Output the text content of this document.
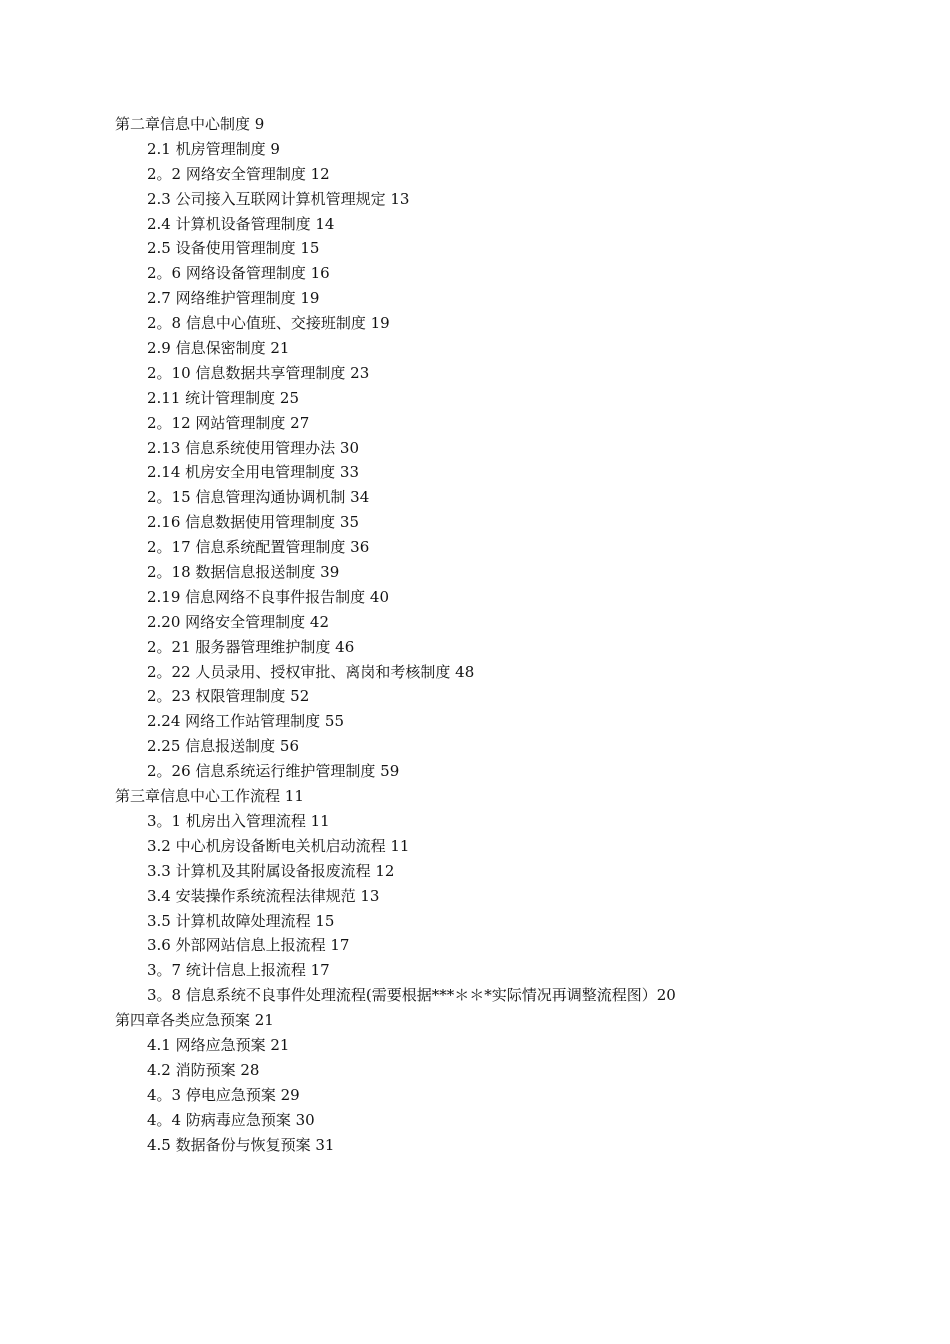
第二章信息中心制度 9
2.1 机房管理制度 9
2。2 网络安全管理制度 12
2.3 公司接入互联网计算机管理规定 13
2.4 计算机设备管理制度 14
2.5 设备使用管理制度 15
2。6 网络设备管理制度 16
2.7 网络维护管理制度 19
2。8 信息中心值班、交接班制度 19
2.9 信息保密制度 21
2。10 信息数据共享管理制度 23
2.11 统计管理制度 25
2。12 网站管理制度 27
2.13 信息系统使用管理办法 30
2.14 机房安全用电管理制度 33
2。15 信息管理沟通协调机制 34
2.16 信息数据使用管理制度 35
2。17 信息系统配置管理制度 36
2。18 数据信息报送制度 39
2.19 信息网络不良事件报告制度 40
2.20 网络安全管理制度 42
2。21 服务器管理维护制度 46
2。22 人员录用、授权审批、离岗和考核制度 48
2。23 权限管理制度 52
2.24 网络工作站管理制度 55
2.25 信息报送制度 56
2。26 信息系统运行维护管理制度 59
第三章信息中心工作流程 11
3。1 机房出入管理流程 11
3.2 中心机房设备断电关机启动流程 11
3.3 计算机及其附属设备报废流程 12
3.4 安装操作系统流程法律规范 13
3.5 计算机故障处理流程 15
3.6 外部网站信息上报流程 17
3。7 统计信息上报流程 17
3。8 信息系统不良事件处理流程(需要根据***＊＊*实际情况再调整流程图）20
第四章各类应急预案 21
4.1 网络应急预案 21
4.2 消防预案 28
4。3 停电应急预案 29
4。4 防病毒应急预案 30
4.5 数据备份与恢复预案 31
